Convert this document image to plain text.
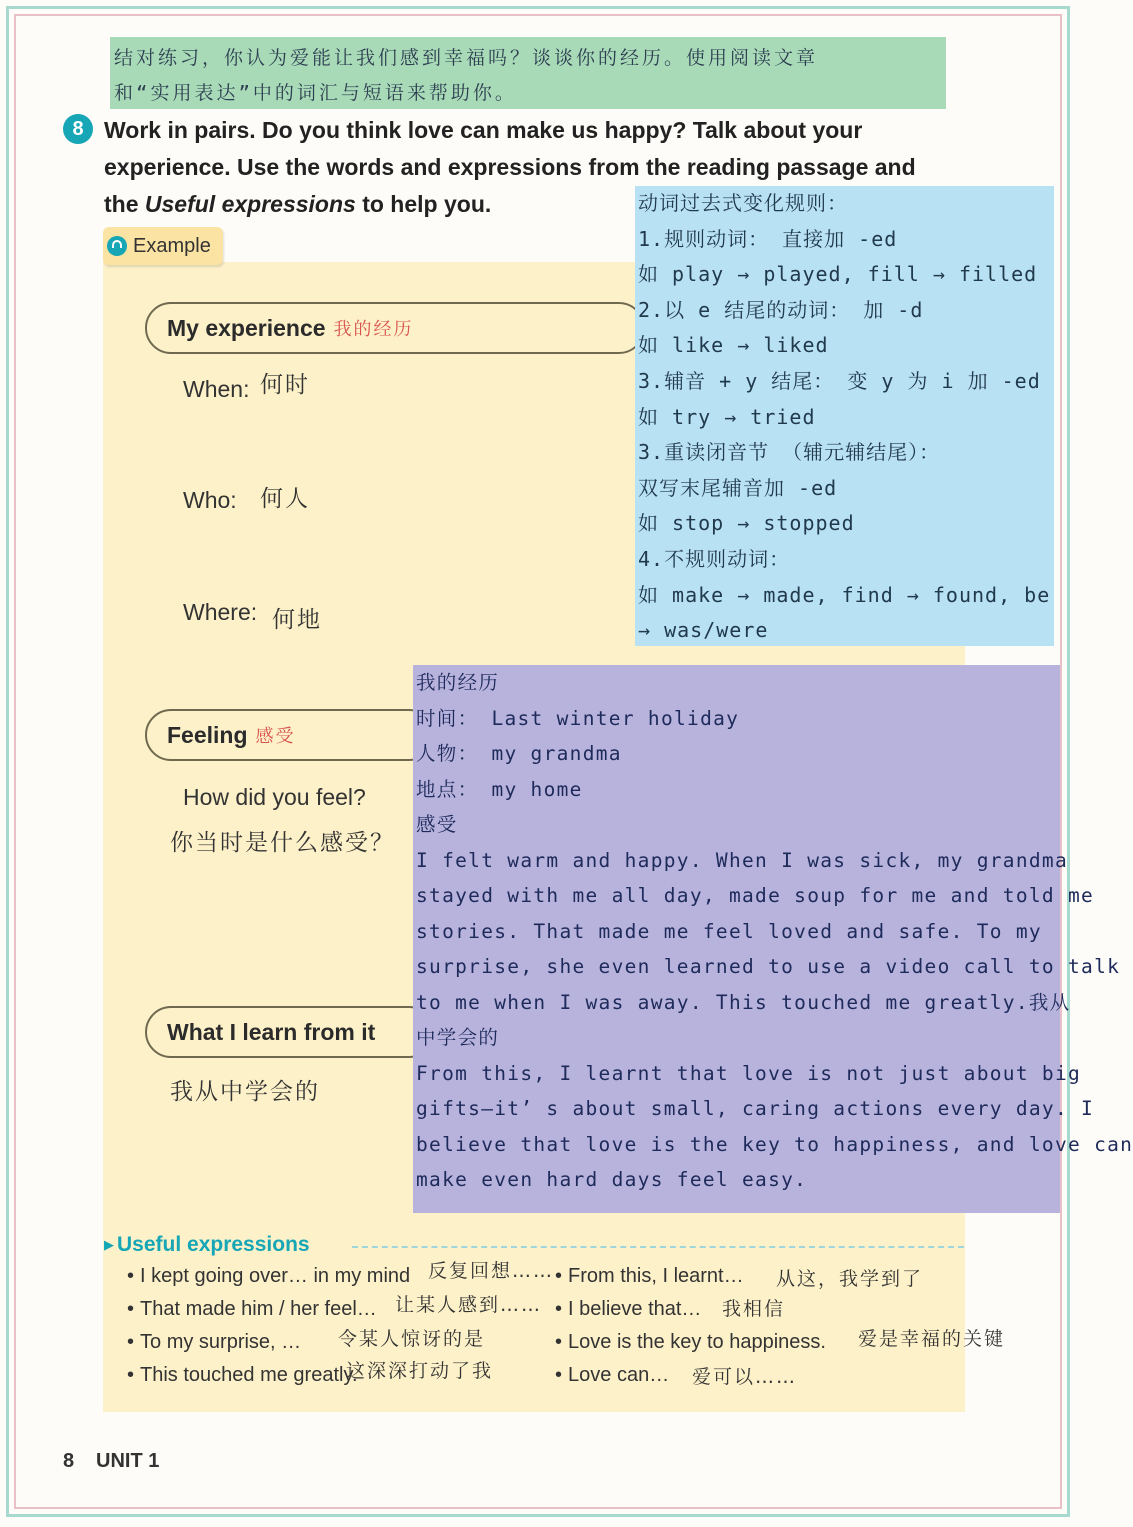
结对练习，你认为爱能让我们感到幸福吗？谈谈你的经历。使用阅读文章
和“实用表达”中的词汇与短语来帮助你。
8 Work in pairs. Do you think love can make us happy? Talk about your
experience. Use the words and expressions from the reading passage and
the Useful expressions to help you.

Example
My experience 我的经历
When: 何时
Who: 何人
Where: 何地
Feeling 感受
How did you feel?
你当时是什么感受？
What I learn from it
我从中学会的
动词过去式变化规则：
1.规则动词： 直接加 -ed
如 play → played, fill → filled
2.以 e 结尾的动词： 加 -d
如 like → liked
3.辅音 + y 结尾： 变 y 为 i 加 -ed
如 try → tried
3.重读闭音节 （辅元辅结尾）：
双写末尾辅音加 -ed
如 stop → stopped
4.不规则动词：
如 make → made, find → found, be
→ was/were
我的经历
时间： Last winter holiday
人物： my grandma
地点： my home
感受
I felt warm and happy. When I was sick, my grandma
stayed with me all day, made soup for me and told me
stories. That made me feel loved and safe. To my
surprise, she even learned to use a video call to talk
to me when I was away. This touched me greatly.我从
中学会的
From this, I learnt that love is not just about big
gifts—it’ s about small, caring actions every day. I
believe that love is the key to happiness, and love can
make even hard days feel easy.
▶ Useful expressions
• I kept going over… in my mind
• That made him / her feel…
• To my surprise, …
• This touched me greatly.
反复回想……
让某人感到……
令某人惊讶的是
这深深打动了我
• From this, I learnt…
• I believe that…
• Love is the key to happiness.
• Love can…
从这，我学到了
我相信
爱是幸福的关键
爱可以……
8 UNIT 1
